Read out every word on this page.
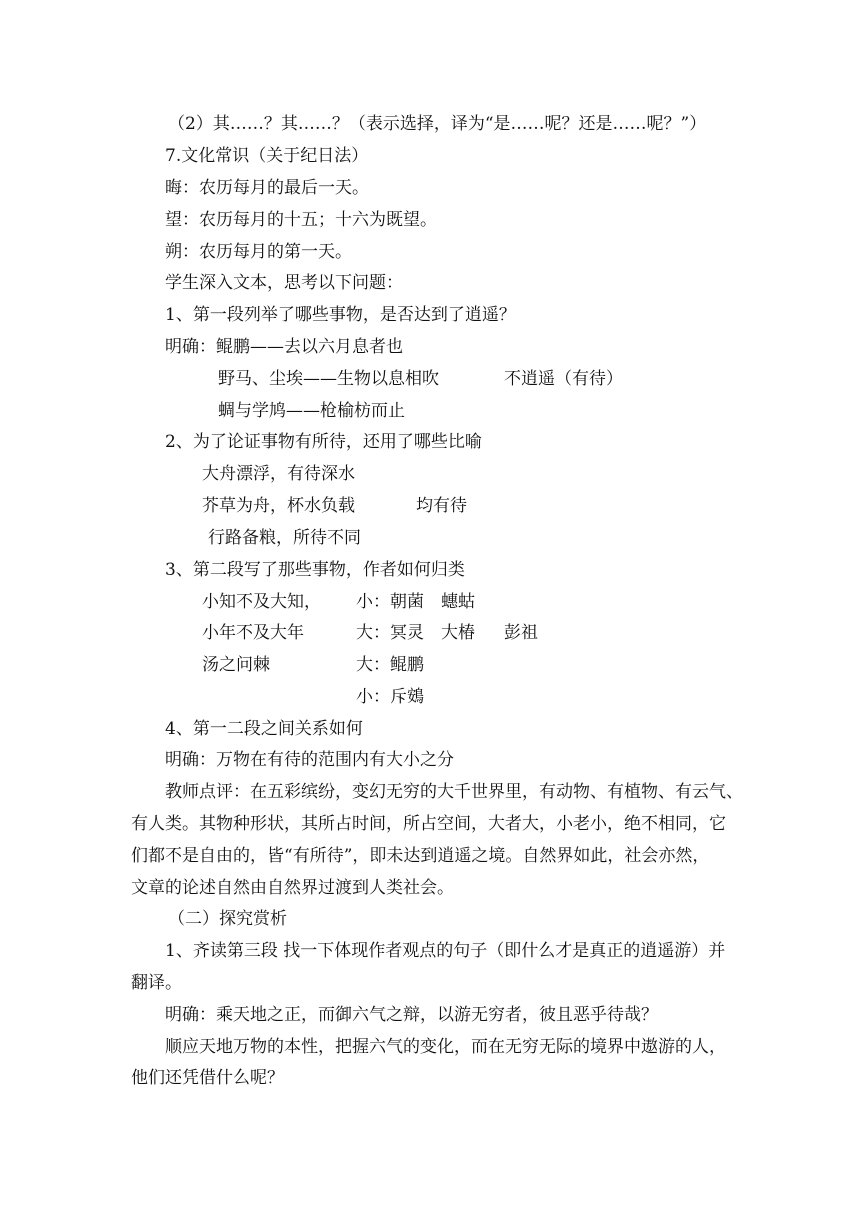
（2）其……？其……？（表示选择，译为“是……呢？还是……呢？”）
7.文化常识（关于纪日法）
晦：农历每月的最后一天。
望：农历每月的十五；十六为既望。
朔：农历每月的第一天。
学生深入文本，思考以下问题：
1、第一段列举了哪些事物，是否达到了逍遥？
明确：鲲鹏——去以六月息者也
野马、尘埃——生物以息相吹	不逍遥（有待）
蜩与学鸠——枪榆枋而止
2、为了论证事物有所待，还用了哪些比喻
大舟漂浮，有待深水
芥草为舟，杯水负载	均有待
行路备粮，所待不同
3、第二段写了那些事物，作者如何归类
小知不及大知， 小：朝菌　蟪蛄
小年不及大年	大：冥灵　大椿 彭祖
汤之问棘	大：鲲鹏
小：斥鴳
4、第一二段之间关系如何
明确：万物在有待的范围内有大小之分
教师点评：在五彩缤纷，变幻无穷的大千世界里，有动物、有植物、有云气、
有人类。其物种形状，其所占时间，所占空间，大者大，小老小，绝不相同，它
们都不是自由的，皆“有所待”，即未达到逍遥之境。自然界如此，社会亦然，
文章的论述自然由自然界过渡到人类社会。
（二）探究赏析
1、齐读第三段 找一下体现作者观点的句子（即什么才是真正的逍遥游）并
翻译。
明确：乘天地之正，而御六气之辩，以游无穷者，彼且恶乎待哉？
顺应天地万物的本性，把握六气的变化，而在无穷无际的境界中遨游的人，
他们还凭借什么呢？
